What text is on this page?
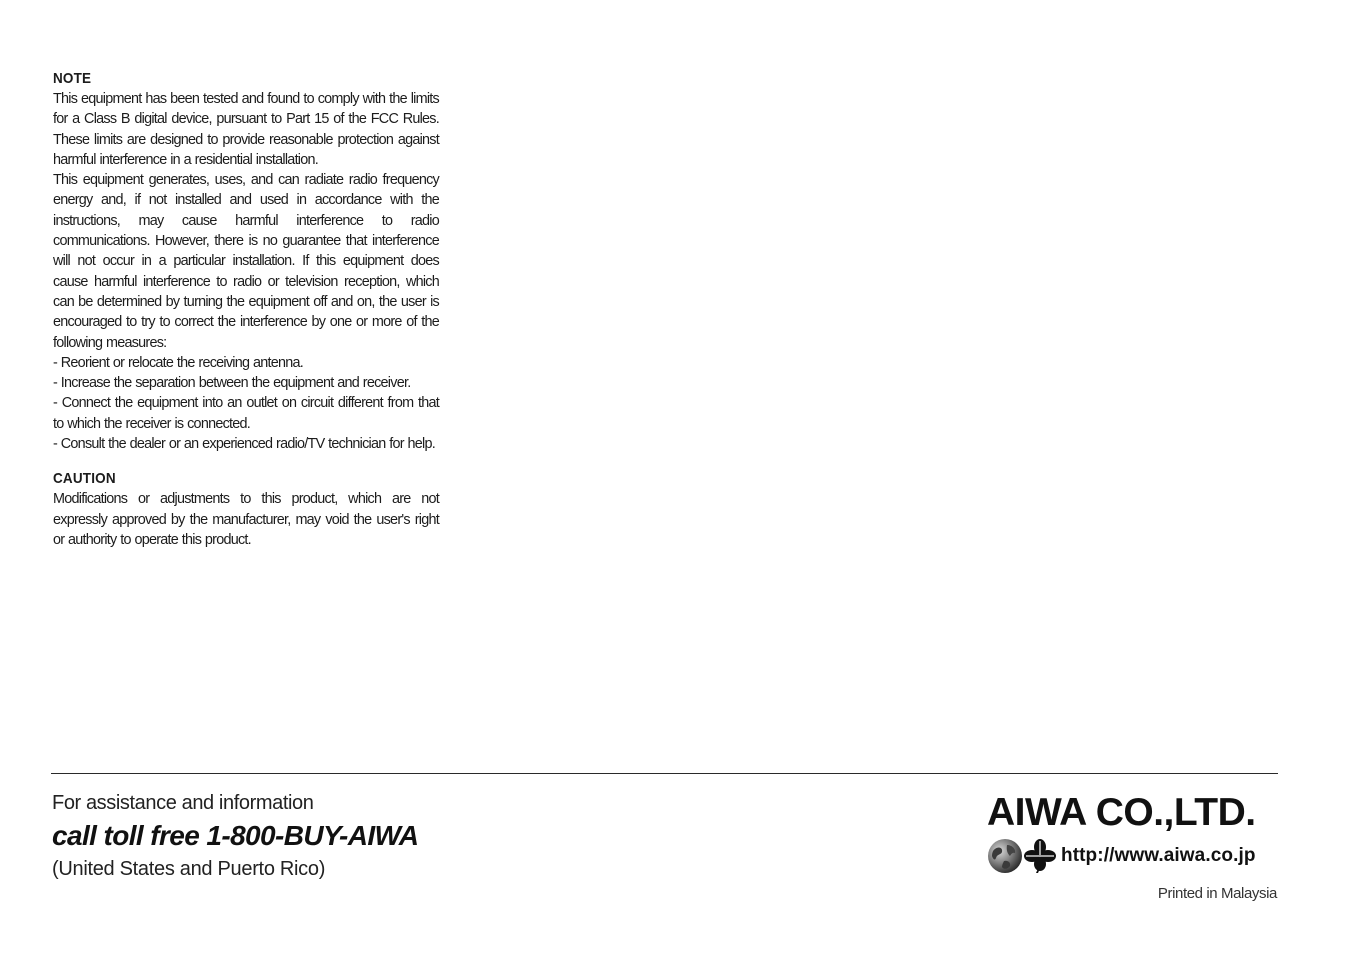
NOTE

This equipment has been tested and found to comply with the limits for a Class B digital device, pursuant to Part 15 of the FCC Rules. These limits are designed to provide reasonable protection against harmful interference in a residential installation.

This equipment generates, uses, and can radiate radio frequency energy and, if not installed and used in accordance with the instructions, may cause harmful interference to radio communications. However, there is no guarantee that interference will not occur in a particular installation. If this equipment does cause harmful interference to radio or television reception, which can be determined by turning the equipment off and on, the user is encouraged to try to correct the interference by one or more of the following measures:

- Reorient or relocate the receiving antenna.

- Increase the separation between the equipment and receiver.

- Connect the equipment into an outlet on circuit different from that to which the receiver is connected.

- Consult the dealer or an experienced radio/TV technician for help.

CAUTION

Modifications or adjustments to this product, which are not expressly approved by the manufacturer, may void the user's right or authority to operate this product.

For assistance and information
call toll free 1-800-BUY-AIWA
(United States and Puerto Rico)
AIWA CO.,LTD.
http://www.aiwa.co.jp
Printed in Malaysia
